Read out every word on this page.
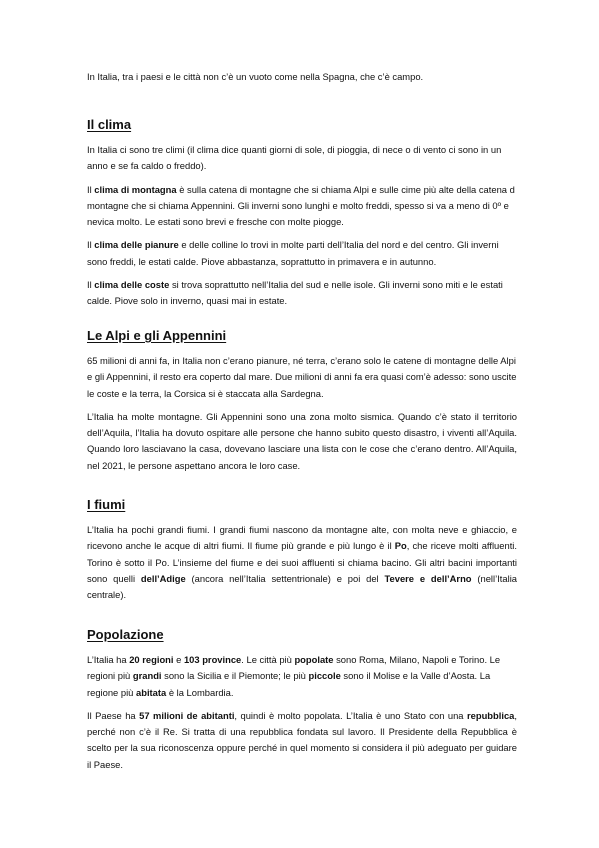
In Italia, tra i paesi e le città non c’è un vuoto come nella Spagna, che c’è campo.

Il clima

In Italia ci sono tre climi (il clima dice quanti giorni di sole, di pioggia, di nece o di vento ci sono in un anno e se fa caldo o freddo).

Il clima di montagna è sulla catena di montagne che si chiama Alpi e sulle cime più alte della catena d montagne che si chiama Appennini. Gli inverni sono lunghi e molto freddi, spesso si va a meno di 0º e nevica molto. Le estati sono brevi e fresche con molte piogge.

Il clima delle pianure e delle colline lo trovi in molte parti dell’Italia del nord e del centro. Gli inverni sono freddi, le estati calde. Piove abbastanza, soprattutto in primavera e in autunno.

Il clima delle coste si trova soprattutto nell’Italia del sud e nelle isole. Gli inverni sono miti e le estati calde. Piove solo in inverno, quasi mai in estate.

Le Alpi e gli Appennini

65 milioni di anni fa, in Italia non c’erano pianure, né terra, c’erano solo le catene di montagne delle Alpi e gli Appennini, il resto era coperto dal mare. Due milioni di anni fa era quasi com’è adesso: sono uscite le coste e la terra, la Corsica si è staccata alla Sardegna.

L’Italia ha molte montagne. Gli Appennini sono una zona molto sismica. Quando c’è stato il territorio dell’Aquila, l’Italia ha dovuto ospitare alle persone che hanno subito questo disastro, i viventi all’Aquila. Quando loro lasciavano la casa, dovevano lasciare una lista con le cose che c’erano dentro. All’Aquila, nel 2021, le persone aspettano ancora le loro case.

I fiumi

L’Italia ha pochi grandi fiumi. I grandi fiumi nascono da montagne alte, con molta neve e ghiaccio, e ricevono anche le acque di altri fiumi. Il fiume più grande e più lungo è il Po, che riceve molti affluenti. Torino è sotto il Po. L’insieme del fiume e dei suoi affluenti si chiama bacino. Gli altri bacini importanti sono quelli dell’Adige (ancora nell’Italia settentrionale) e poi del Tevere e dell’Arno (nell’Italia centrale).

Popolazione

L’Italia ha 20 regioni e 103 province. Le città più popolate sono Roma, Milano, Napoli e Torino. Le regioni più grandi sono la Sicilia e il Piemonte; le più piccole sono il Molise e la Valle d’Aosta. La regione più abitata è la Lombardia.

Il Paese ha 57 milioni de abitanti, quindi è molto popolata. L’Italia è uno Stato con una repubblica, perché non c’è il Re. Si tratta di una repubblica fondata sul lavoro. Il Presidente della Repubblica è scelto per la sua riconoscenza oppure perché in quel momento si considera il più adeguato per guidare il Paese.
